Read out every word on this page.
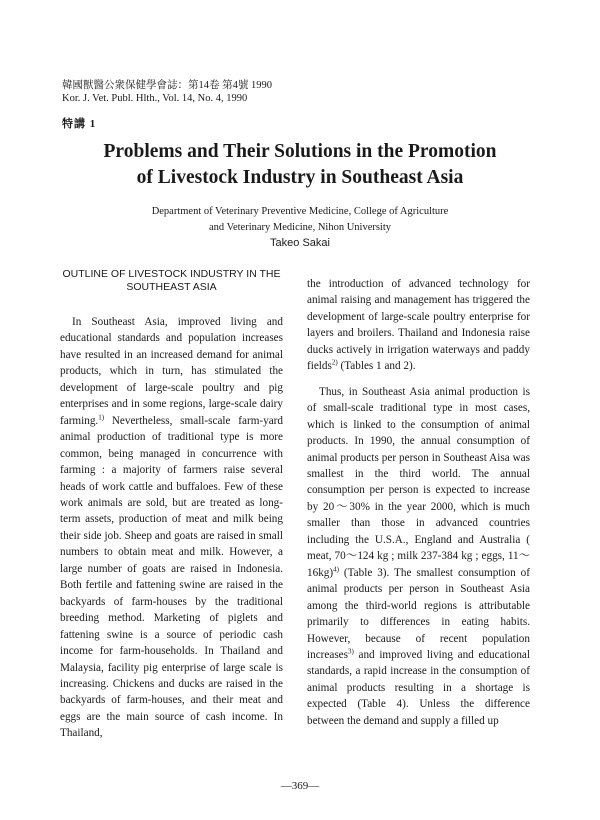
韓國獸醫公衆保健學會誌：第14卷 第4號 1990
Kor. J. Vet. Publ. Hlth., Vol. 14, No. 4, 1990
特講 1
Problems and Their Solutions in the Promotion
of Livestock Industry in Southeast Asia
Department of Veterinary Preventive Medicine, College of Agriculture
and Veterinary Medicine, Nihon University
Takeo Sakai
OUTLINE OF LIVESTOCK INDUSTRY IN THE
SOUTHEAST ASIA

In Southeast Asia, improved living and educational standards and population increases have resulted in an increased demand for animal products, which in turn, has stimulated the development of large-scale poultry and pig enterprises and in some regions, large-scale dairy farming.$^{1)}$ Nevertheless, small-scale farm-yard animal production of traditional type is more common, being managed in concurrence with farming : a majority of farmers raise several heads of work cattle and buffaloes. Few of these work animals are sold, but are treated as long-term assets, production of meat and milk being their side job. Sheep and goats are raised in small numbers to obtain meat and milk. However, a large number of goats are raised in Indonesia. Both fertile and fattening swine are raised in the backyards of farm-houses by the traditional breeding method. Marketing of piglets and fattening swine is a source of periodic cash income for farm-households. In Thailand and Malaysia, facility pig enterprise of large scale is increasing. Chickens and ducks are raised in the backyards of farm-houses, and their meat and eggs are the main source of cash income. In Thailand,

the introduction of advanced technology for animal raising and management has triggered the development of large-scale poultry enterprise for layers and broilers. Thailand and Indonesia raise ducks actively in irrigation waterways and paddy fields$^{2)}$ (Tables 1 and 2).

Thus, in Southeast Asia animal production is of small-scale traditional type in most cases, which is linked to the consumption of animal products. In 1990, the annual consumption of animal products per person in Southeast Aisa was smallest in the third world. The annual consumption per person is expected to increase by 20～30% in the year 2000, which is much smaller than those in advanced countries including the U.S.A., England and Australia ( meat, 70～124 kg ; milk 237-384 kg ; eggs, 11～16kg)$^{4)}$ (Table 3). The smallest consumption of animal products per person in Southeast Asia among the third-world regions is attributable primarily to differences in eating habits. However, because of recent population increases$^{3)}$ and improved living and educational standards, a rapid increase in the consumption of animal products resulting in a shortage is expected (Table 4). Unless the difference between the demand and supply a filled up

—369—
